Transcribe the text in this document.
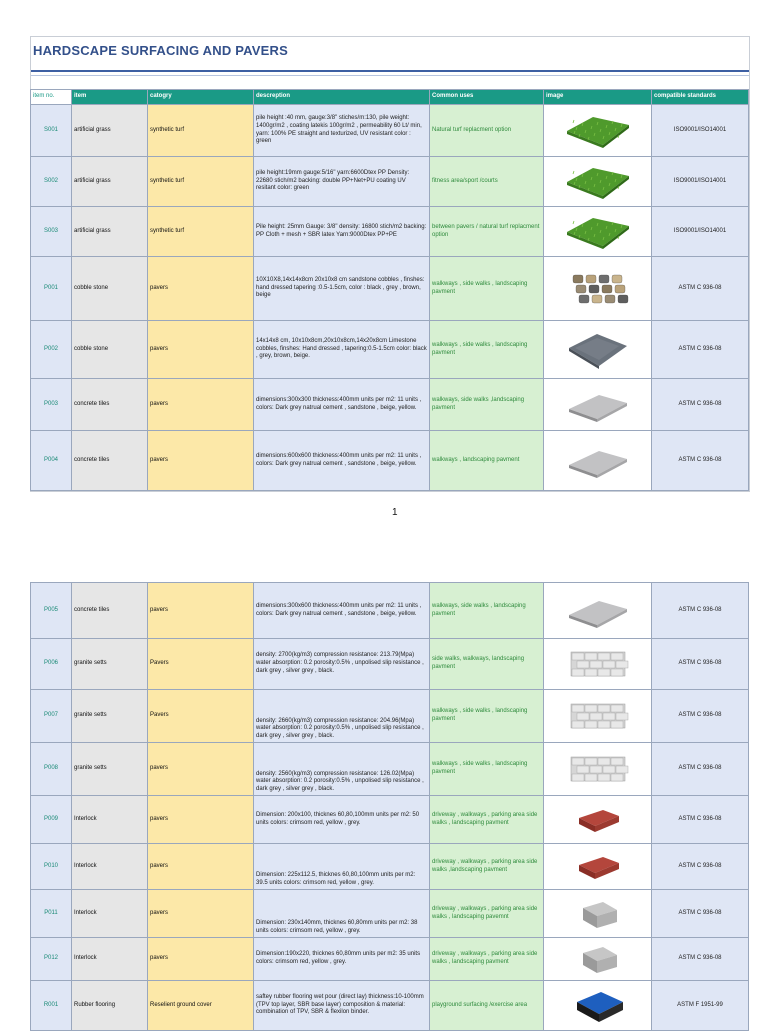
HARDSCAPE SURFACING AND PAVERS
item no.	item	catogry	descreption	Common uses	image	compatible standards
S001	artificial grass	synthetic turf	pile height :40 mm, gauge:3/8" stiches/m:130, pile weight: 1400gr/m2 , coating latekis 100gr/m2 , permeability 60 Lt/ min, yarn: 100% PE straight and texturized, UV resistant color : green	Natural turf replacment option		ISO9001/ISO14001
S002	artificial grass	synthetic turf	pile height:19mm gauge:5/16" yarn:6600Dtex PP Density: 22680 stich/m2 backing: double PP+Net+PU coating UV resitant color: green	fitness area/sport /courts		ISO9001/ISO14001
S003	artificial grass	synthetic turf	Pile height: 25mm Gauge: 3/8" density: 16800 stich/m2 backing: PP Cloth + mesh + SBR latex Yarn:9000Dtex PP+PE	between pavers / natural turf replacment option		ISO9001/ISO14001
P001	cobble stone	pavers	10X10X8,14x14x8cm 20x10x8 cm sandstone cobbles , finshes: hand dressed tapering :0.5-1.5cm, color : black , grey , brown, beige	walkways , side walks , landscaping pavment		ASTM C 936-08
P002	cobble stone	pavers	14x14x8 cm, 10x10x8cm,20x10x8cm,14x20x8cm Limestone cobbles, finshes: Hand dressed , tapering:0.5-1.5cm color: black , grey, brown, beige.	walkways , side walks , landscaping pavment		ASTM C 936-08
P003	concrete tiles	pavers	dimensions:300x300 thickness:400mm units per m2: 11 units , colors: Dark grey natrual cement , sandstone , beige, yellow.	walkways, side walks ,landscaping pavment		ASTM C 936-08
P004	concrete tiles	pavers	dimensions:600x600 thickness:400mm units per m2: 11 units , colors: Dark grey natrual cement , sandstone , beige, yellow.	walkways , landscaping pavment		ASTM C 936-08
1
P005	concrete tiles	pavers	dimensions:300x600 thickness:400mm units per m2: 11 units , colors: Dark grey natrual cement , sandstone , beige, yellow.	walkways, side walks , landscaping pavment		ASTM C 936-08
P006	granite setts	Pavers	density: 2700(kg/m3) compression resistance: 213.79(Mpa) water absorption: 0.2 porosity:0.5% , unpolised slip resistance , dark grey , silver grey , black.	side walks, walkways, landscaping pavment		ASTM C 936-08
P007	granite setts	Pavers	density: 2660(kg/m3) compression resistance: 204.96(Mpa) water absorption: 0.2 porosity:0.5% , unpolised slip resistance , dark grey , silver grey , black.	walkways , side walks , landscaping pavment		ASTM C 936-08
P008	granite setts	pavers	density: 2560(kg/m3) compression resistance: 126.02(Mpa) water absorption: 0.2 porosity:0.5% , unpolised slip resistance , dark grey , silver grey , black.	walkways , side walks , landscaping pavment		ASTM C 936-08
P009	Interlock	pavers	Dimension: 200x100, thicknes 60,80,100mm units per m2: 50 units colors: crimsom red, yellow , grey.	driveway , walkways , parking area side walks , landscaping pavment		ASTM C 936-08
P010	Interlock	pavers	Dimension: 225x112.5, thicknes 60,80,100mm units per m2: 39.5 units colors: crimsom red, yellow , grey.	driveway , walkways , parking area side walks ,landscaping pavment		ASTM C 936-08
P011	Interlock	pavers	Dimension: 230x140mm, thicknes 60,80mm units per m2: 38 units colors: crimsom red, yellow , grey.	driveway , walkways , parking area side walks , landscaping pavemnt		ASTM C 936-08
P012	Interlock	pavers	Dimension:190x220, thicknes 60,80mm units per m2: 35 units colors: crimsom red, yellow , grey.	driveway , walkways , parking area side walks , landscaping pavment		ASTM C 936-08
R001	Rubber flooring	Reselient ground cover	saftey rubber flooring wet pour (direct lay) thickness:10-100mm (TPV top layer, SBR base layer) composition & material: combination of TPV, SBR & flexilon binder.	playground surfacing /exercise area		ASTM F 1951-99
